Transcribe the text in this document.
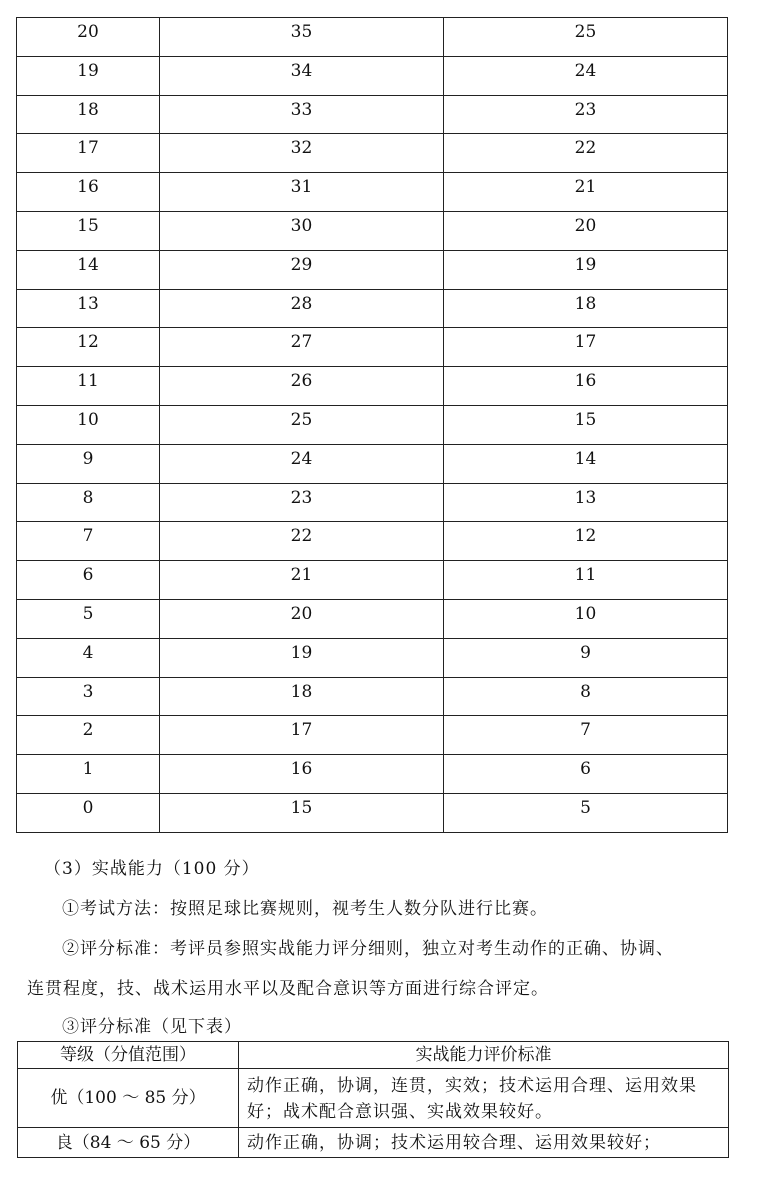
20	35	25
19	34	24
18	33	23
17	32	22
16	31	21
15	30	20
14	29	19
13	28	18
12	27	17
11	26	16
10	25	15
9	24	14
8	23	13
7	22	12
6	21	11
5	20	10
4	19	9
3	18	8
2	17	7
1	16	6
0	15	5
（3）实战能力（100 分）
①考试方法：按照足球比赛规则，视考生人数分队进行比赛。
②评分标准：考评员参照实战能力评分细则，独立对考生动作的正确、协调、
连贯程度，技、战术运用水平以及配合意识等方面进行综合评定。
③评分标准（见下表）
等级（分值范围）	实战能力评价标准
优（100 ～ 85 分）	动作正确，协调，连贯，实效；技术运用合理、运用效果好；战术配合意识强、实战效果较好。
良（84 ～ 65 分）	动作正确，协调；技术运用较合理、运用效果较好；
